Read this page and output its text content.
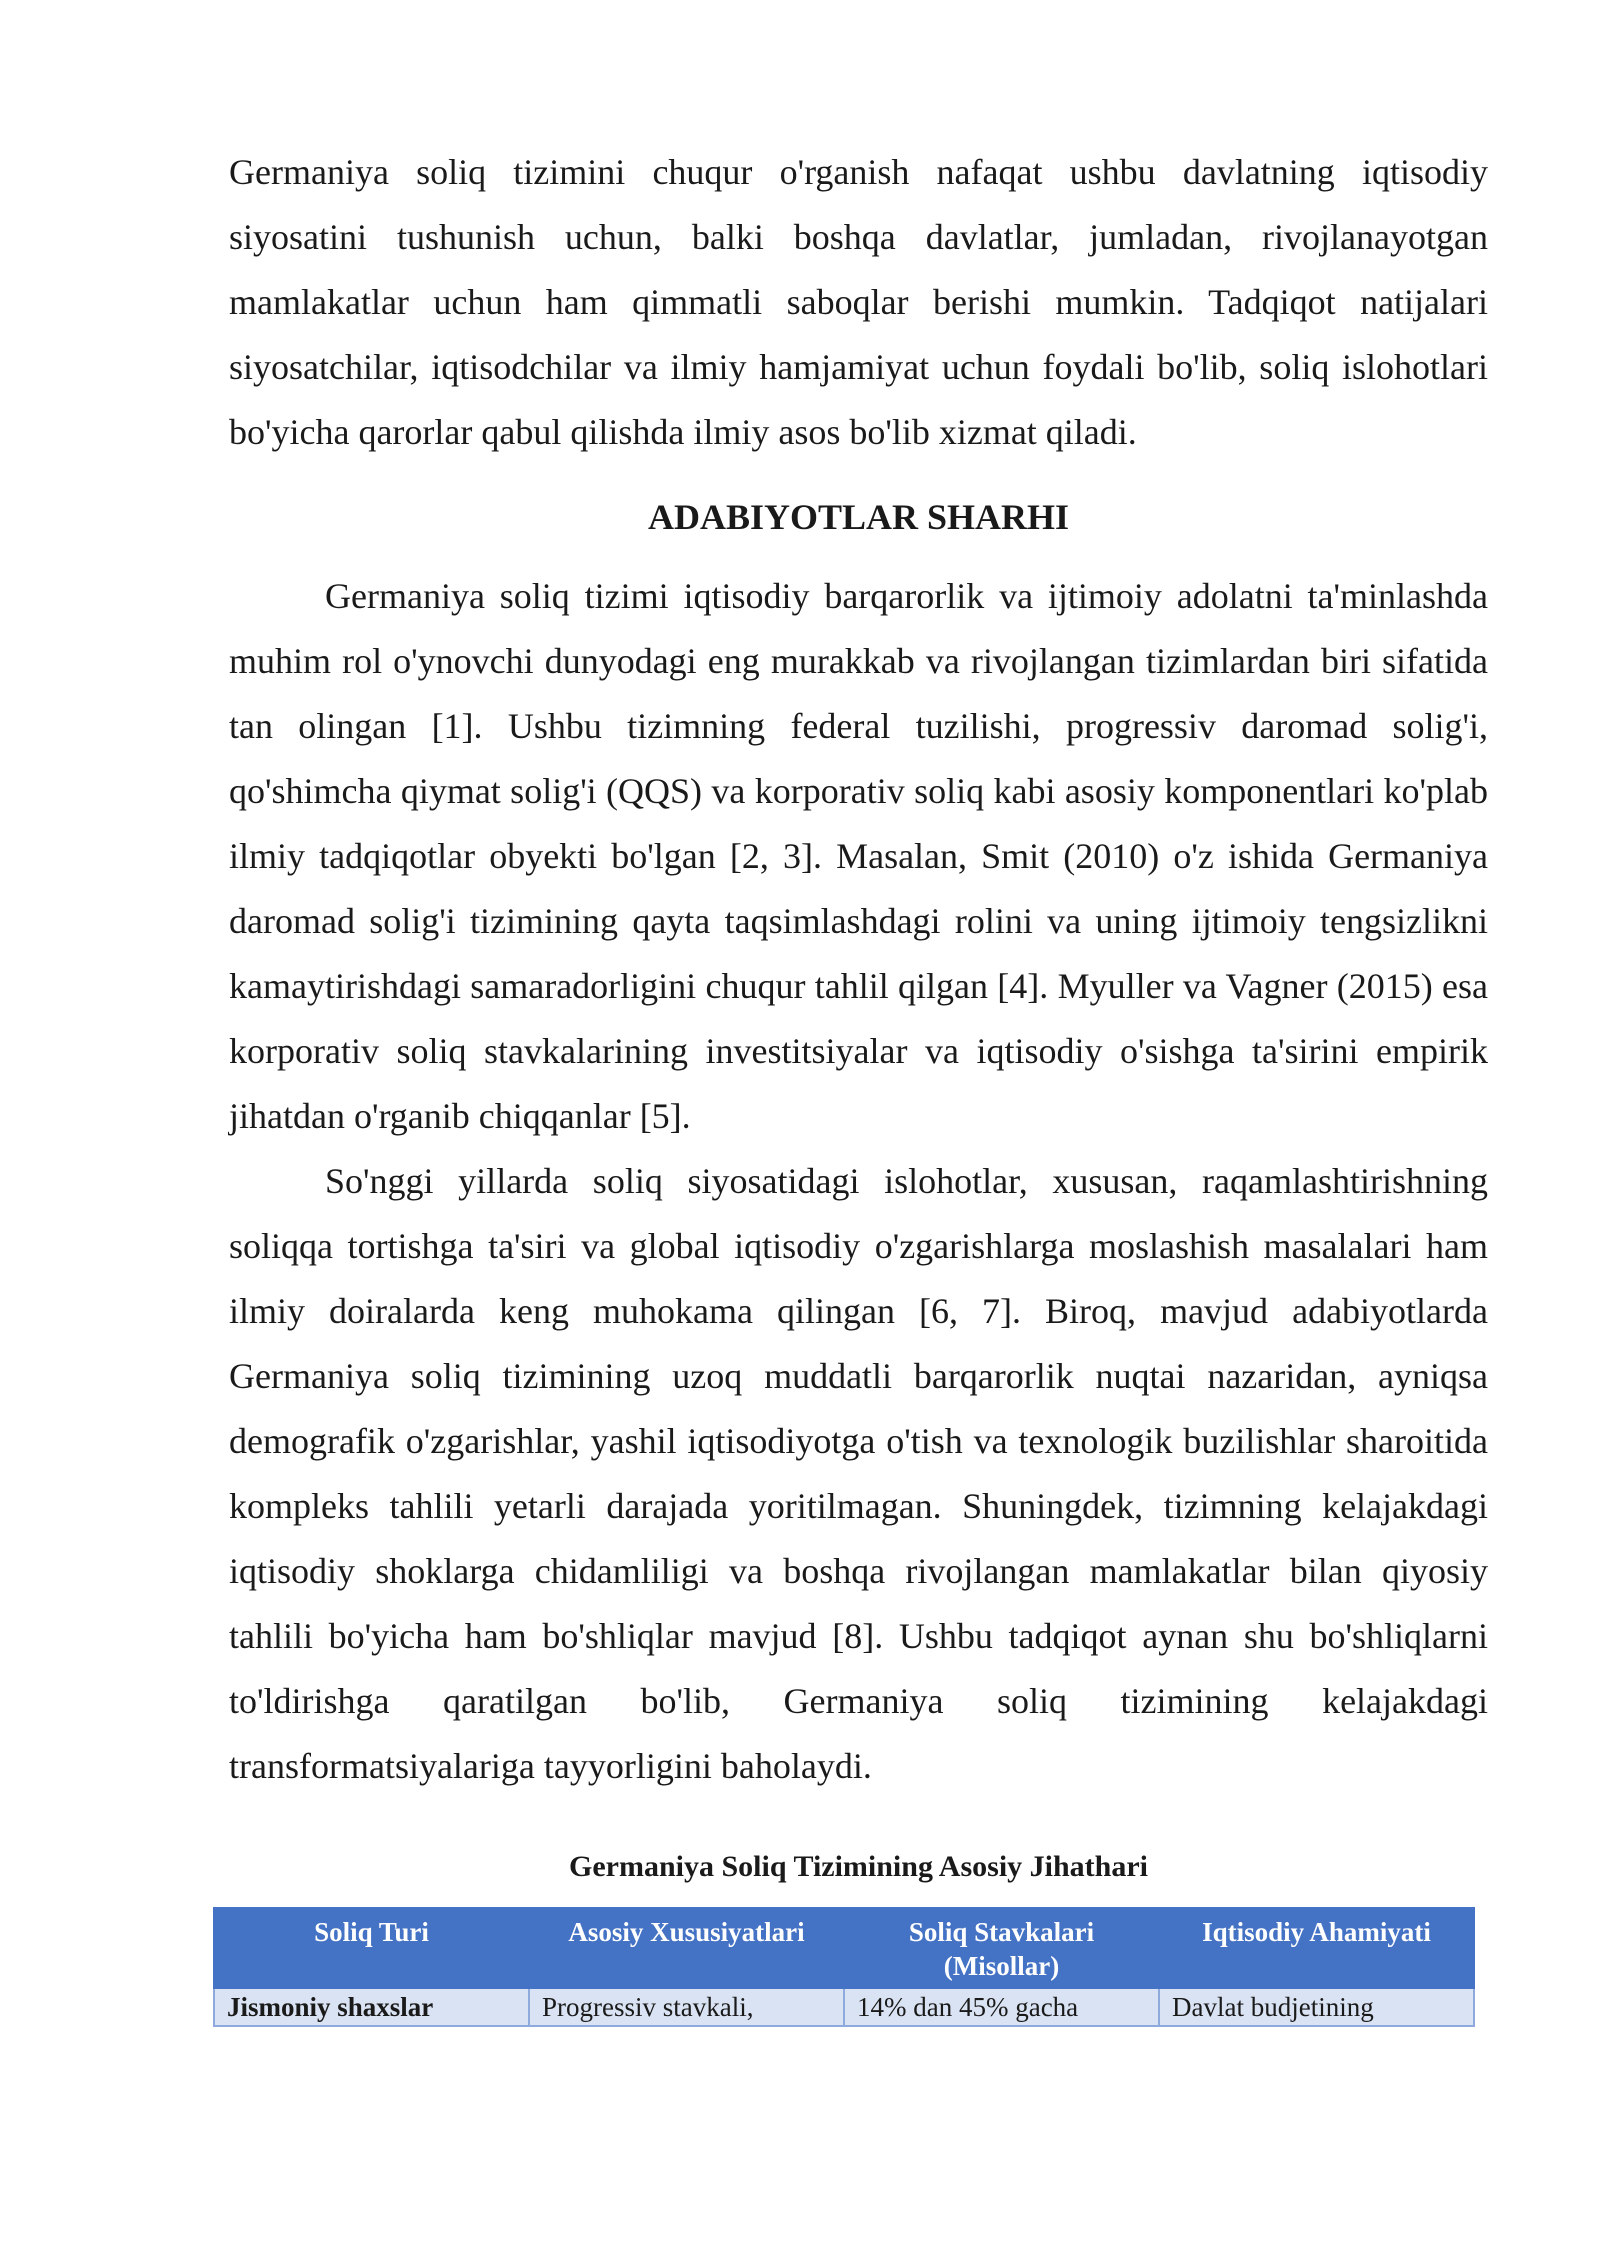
Germaniya soliq tizimini chuqur o'rganish nafaqat ushbu davlatning iqtisodiy siyosatini tushunish uchun, balki boshqa davlatlar, jumladan, rivojlanayotgan mamlakatlar uchun ham qimmatli saboqlar berishi mumkin. Tadqiqot natijalari siyosatchilar, iqtisodchilar va ilmiy hamjamiyat uchun foydali bo'lib, soliq islohotlari bo'yicha qarorlar qabul qilishda ilmiy asos bo'lib xizmat qiladi.

ADABIYOTLAR SHARHI

Germaniya soliq tizimi iqtisodiy barqarorlik va ijtimoiy adolatni ta'minlashda muhim rol o'ynovchi dunyodagi eng murakkab va rivojlangan tizimlardan biri sifatida tan olingan [1]. Ushbu tizimning federal tuzilishi, progressiv daromad solig'i, qo'shimcha qiymat solig'i (QQS) va korporativ soliq kabi asosiy komponentlari ko'plab ilmiy tadqiqotlar obyekti bo'lgan [2, 3]. Masalan, Smit (2010) o'z ishida Germaniya daromad solig'i tizimining qayta taqsimlashdagi rolini va uning ijtimoiy tengsizlikni kamaytirishdagi samaradorligini chuqur tahlil qilgan [4]. Myuller va Vagner (2015) esa korporativ soliq stavkalarining investitsiyalar va iqtisodiy o'sishga ta'sirini empirik jihatdan o'rganib chiqqanlar [5].

So'nggi yillarda soliq siyosatidagi islohotlar, xususan, raqamlashtirishning soliqqa tortishga ta'siri va global iqtisodiy o'zgarishlarga moslashish masalalari ham ilmiy doiralarda keng muhokama qilingan [6, 7]. Biroq, mavjud adabiyotlarda Germaniya soliq tizimining uzoq muddatli barqarorlik nuqtai nazaridan, ayniqsa demografik o'zgarishlar, yashil iqtisodiyotga o'tish va texnologik buzilishlar sharoitida kompleks tahlili yetarli darajada yoritilmagan. Shuningdek, tizimning kelajakdagi iqtisodiy shoklarga chidamliligi va boshqa rivojlangan mamlakatlar bilan qiyosiy tahlili bo'yicha ham bo'shliqlar mavjud [8]. Ushbu tadqiqot aynan shu bo'shliqlarni to'ldirishga qaratilgan bo'lib, Germaniya soliq tizimining kelajakdagi transformatsiyalariga tayyorligini baholaydi.

Germaniya Soliq Tizimining Asosiy Jihathari
Soliq Turi	Asosiy Xususiyatlari	Soliq Stavkalari (Misollar)	Iqtisodiy Ahamiyati
Jismoniy shaxslar	Progressiv stavkali,	14% dan 45% gacha	Davlat budjetining
